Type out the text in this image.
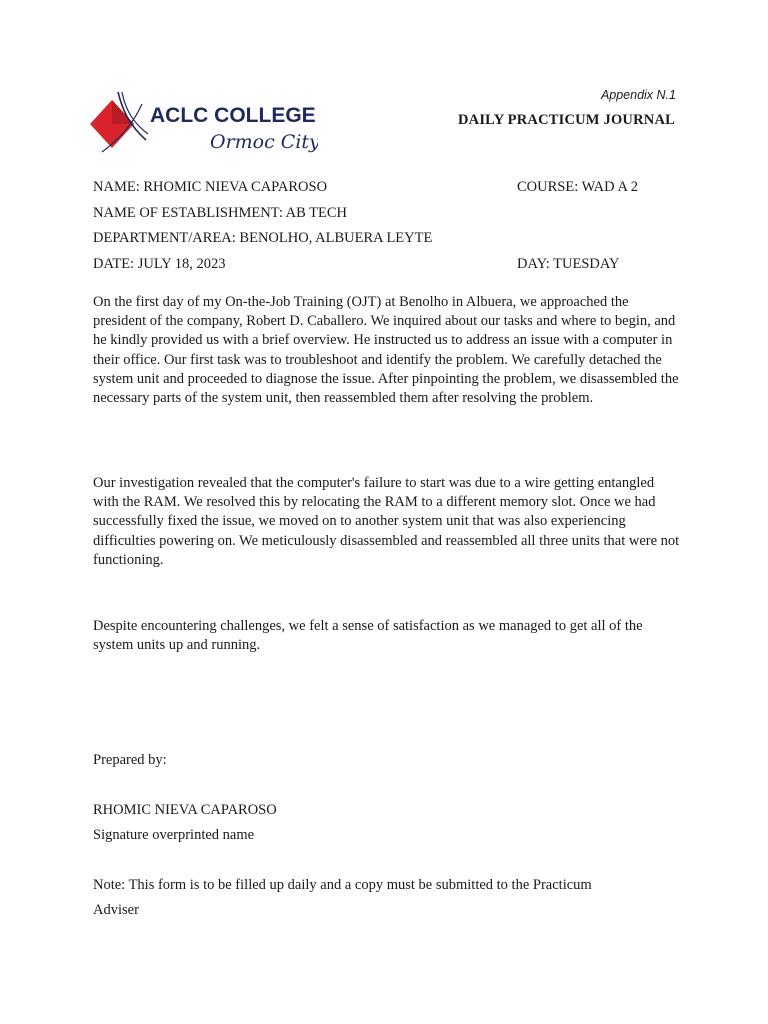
ACLC COLLEGE
Ormoc City
Appendix N.1
DAILY PRACTICUM JOURNAL
NAME: RHOMIC NIEVA CAPAROSO	COURSE: WAD A 2
NAME OF ESTABLISHMENT: AB TECH
DEPARTMENT/AREA: BENOLHO, ALBUERA LEYTE
DATE: JULY 18, 2023	DAY: TUESDAY

On the first day of my On-the-Job Training (OJT) at Benolho in Albuera, we approached the president of the company, Robert D. Caballero. We inquired about our tasks and where to begin, and he kindly provided us with a brief overview. He instructed us to address an issue with a computer in their office. Our first task was to troubleshoot and identify the problem. We carefully detached the system unit and proceeded to diagnose the issue. After pinpointing the problem, we disassembled the necessary parts of the system unit, then reassembled them after resolving the problem.

Our investigation revealed that the computer's failure to start was due to a wire getting entangled with the RAM. We resolved this by relocating the RAM to a different memory slot. Once we had successfully fixed the issue, we moved on to another system unit that was also experiencing difficulties powering on. We meticulously disassembled and reassembled all three units that were not functioning.

Despite encountering challenges, we felt a sense of satisfaction as we managed to get all of the system units up and running.

Prepared by:
RHOMIC NIEVA CAPAROSO
Signature overprinted name
Note: This form is to be filled up daily and a copy must be submitted to the Practicum
Adviser
